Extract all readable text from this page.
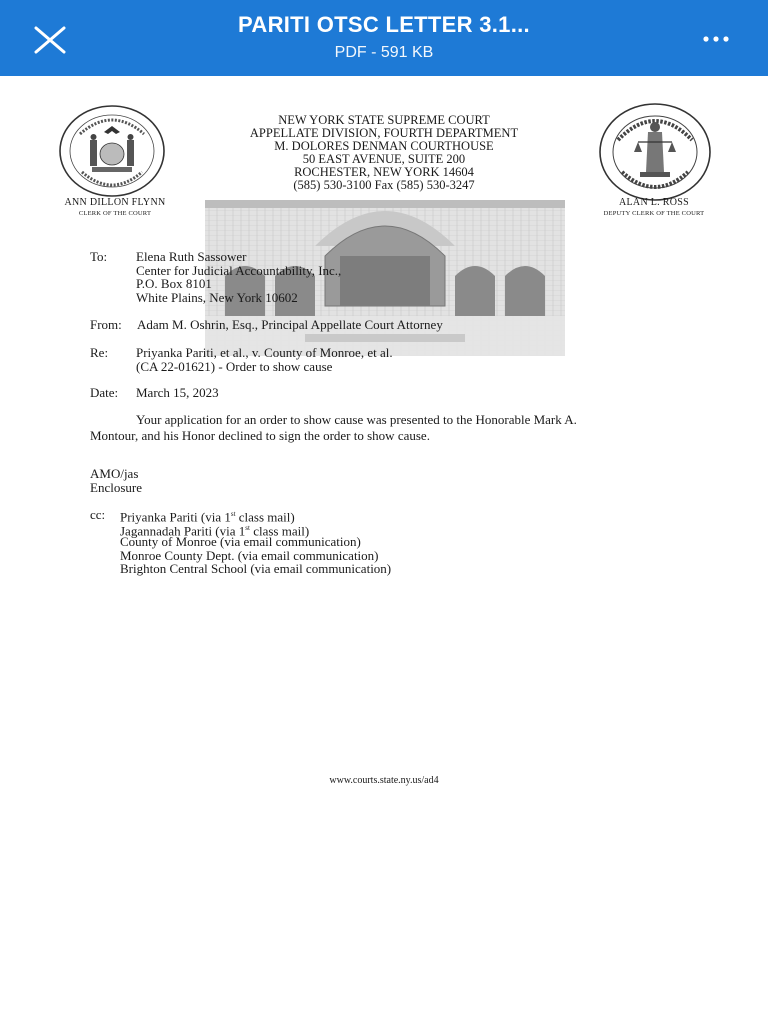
PARITI OTSC LETTER 3.1...
PDF - 591 KB
ANN DILLON FLYNN
CLERK OF THE COURT
ALAN L. ROSS
DEPUTY CLERK OF THE COURT
NEW YORK STATE SUPREME COURT
APPELLATE DIVISION, FOURTH DEPARTMENT
M. DOLORES DENMAN COURTHOUSE
50 EAST AVENUE, SUITE 200
ROCHESTER, NEW YORK 14604
(585) 530-3100 Fax (585) 530-3247
To: Elena Ruth Sassower
Center for Judicial Accountability, Inc.,
P.O. Box 8101
White Plains, New York 10602
From: Adam M. Oshrin, Esq., Principal Appellate Court Attorney
Re: Priyanka Pariti, et al., v. County of Monroe, et al.
(CA 22-01621) - Order to show cause
Date: March 15, 2023
Your application for an order to show cause was presented to the Honorable Mark A.
Montour, and his Honor declined to sign the order to show cause.
AMO/jas
Enclosure
cc: Priyanka Pariti (via 1st class mail)
Jagannadah Pariti (via 1st class mail)
County of Monroe (via email communication)
Monroe County Dept. (via email communication)
Brighton Central School (via email communication)
www.courts.state.ny.us/ad4
